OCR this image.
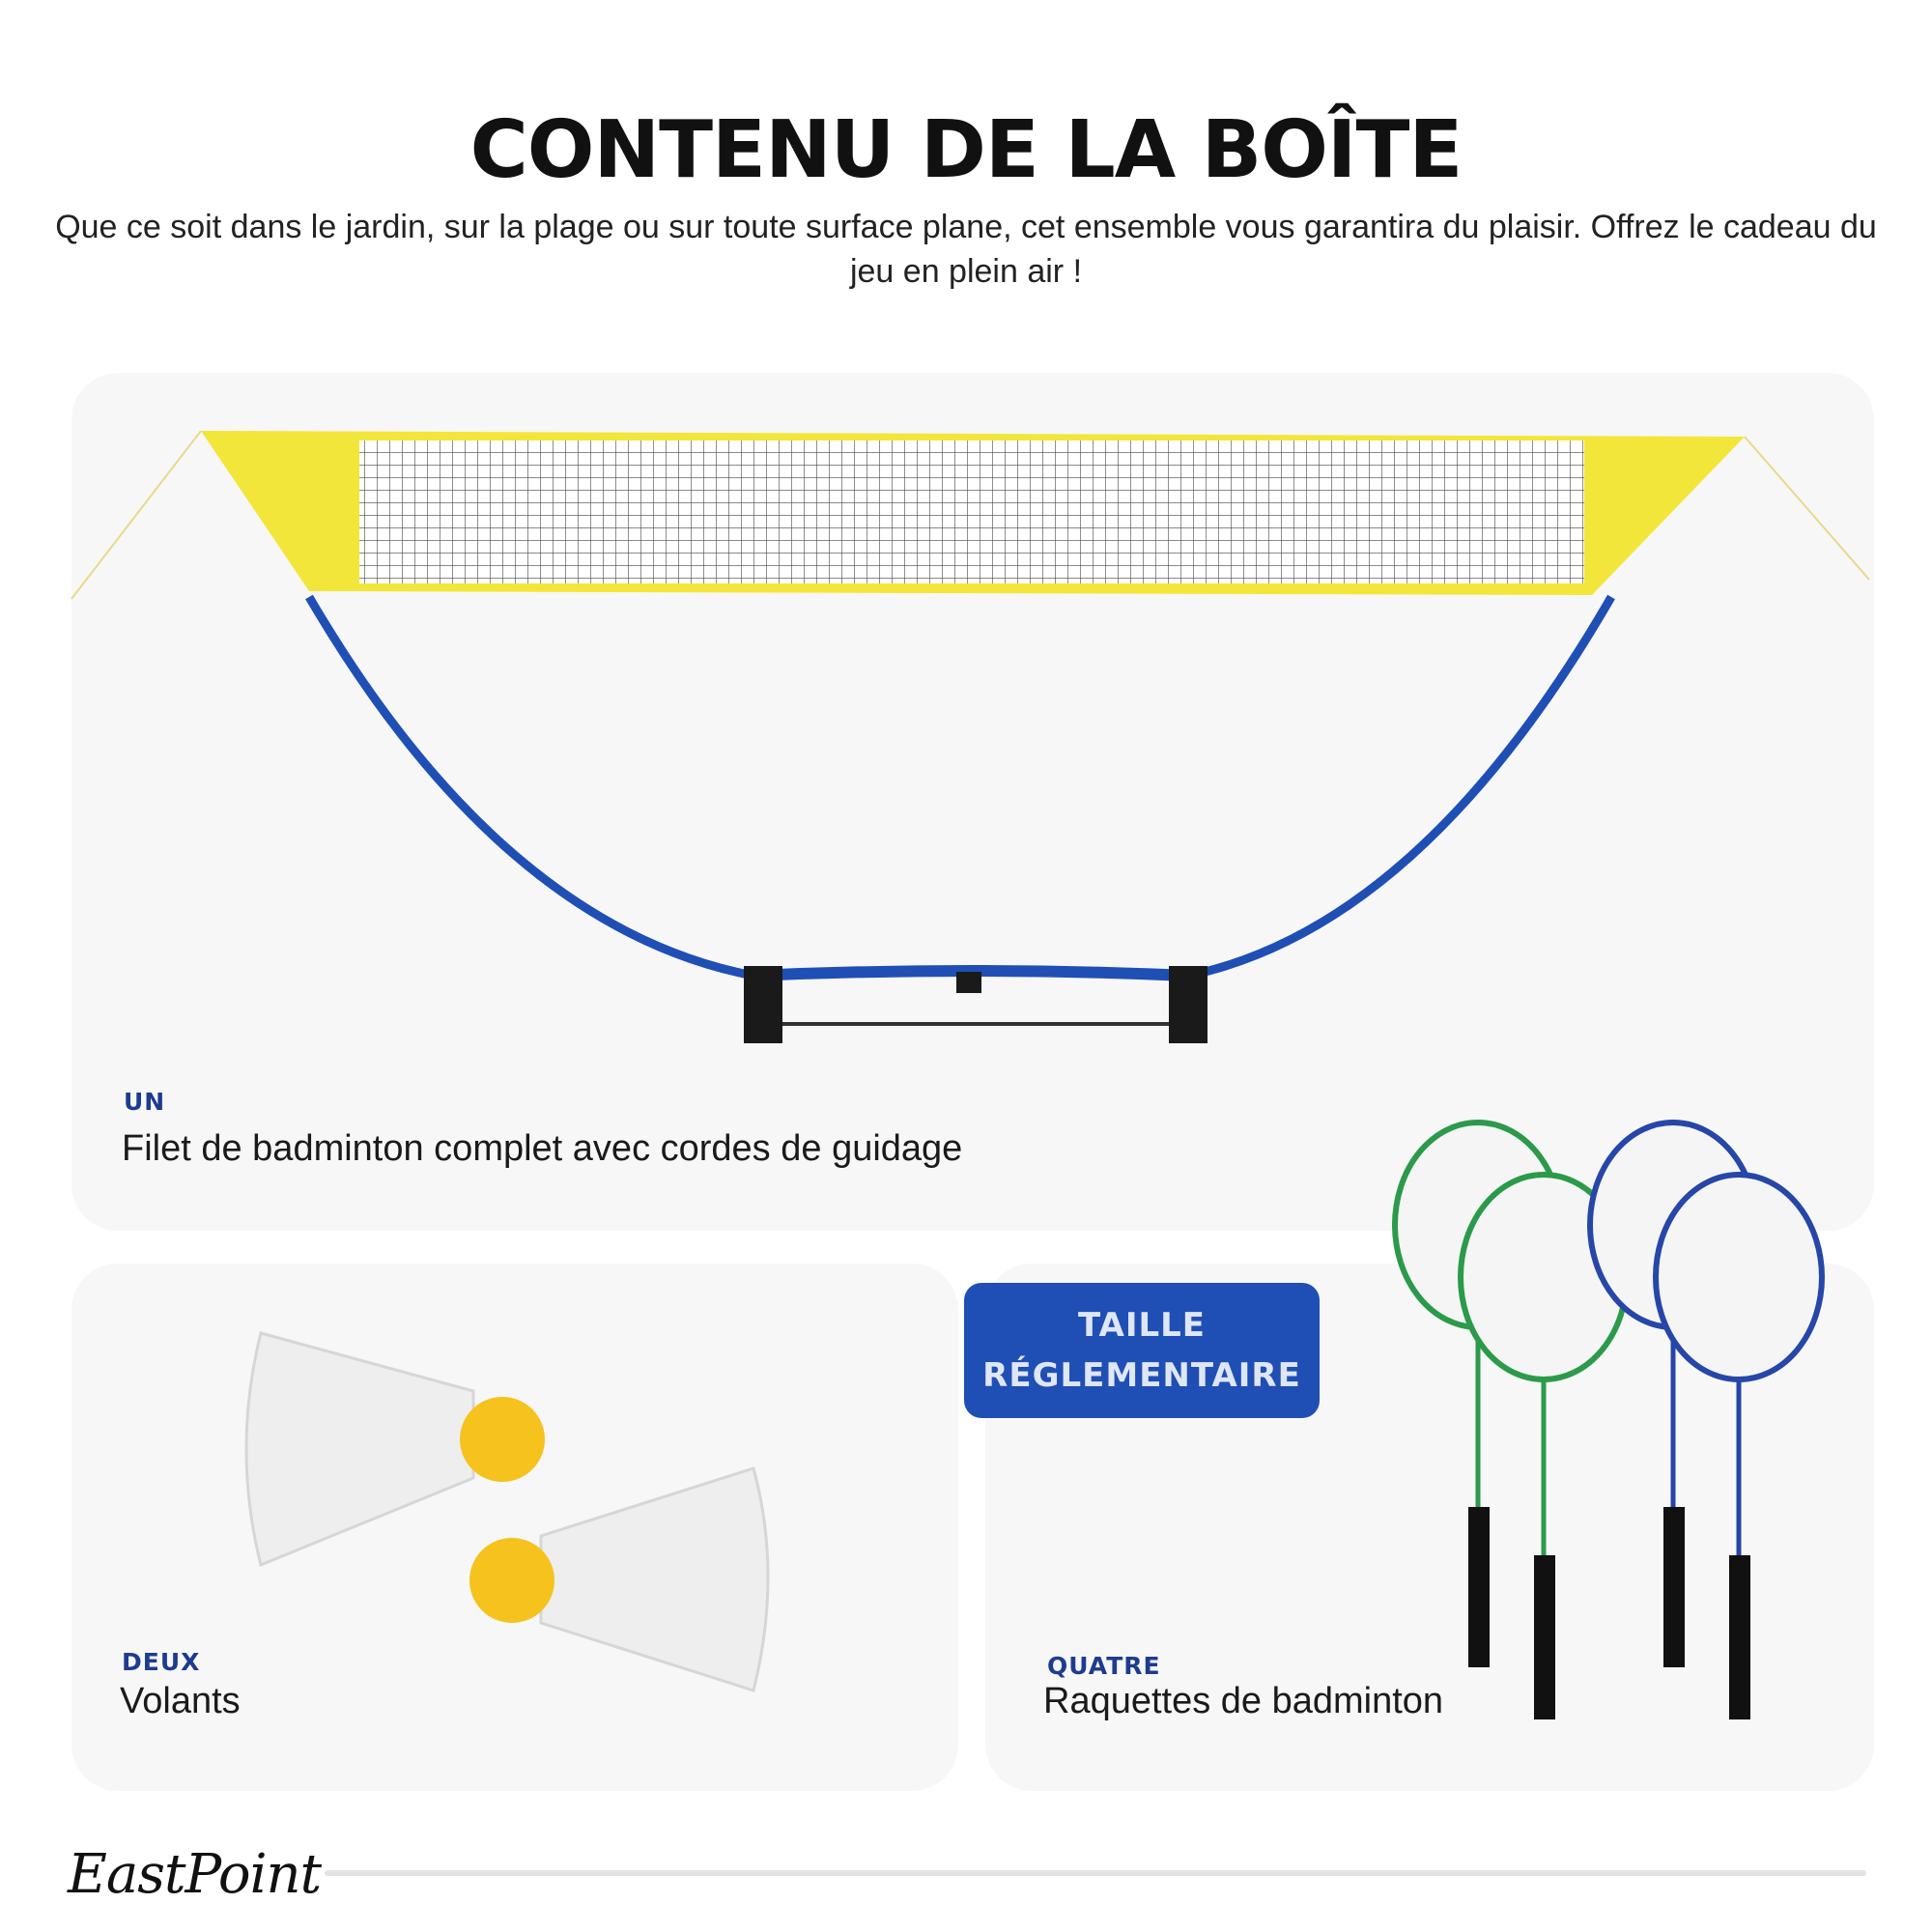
CONTENU DE LA BOÎTE
Que ce soit dans le jardin, sur la plage ou sur toute surface plane, cet ensemble vous garantira du plaisir. Offrez le cadeau du jeu en plein air !
UN
Filet de badminton complet avec cordes de guidage
DEUX
Volants
TAILLE
RÉGLEMENTAIRE
QUATRE
Raquettes de badminton
EastPoint
